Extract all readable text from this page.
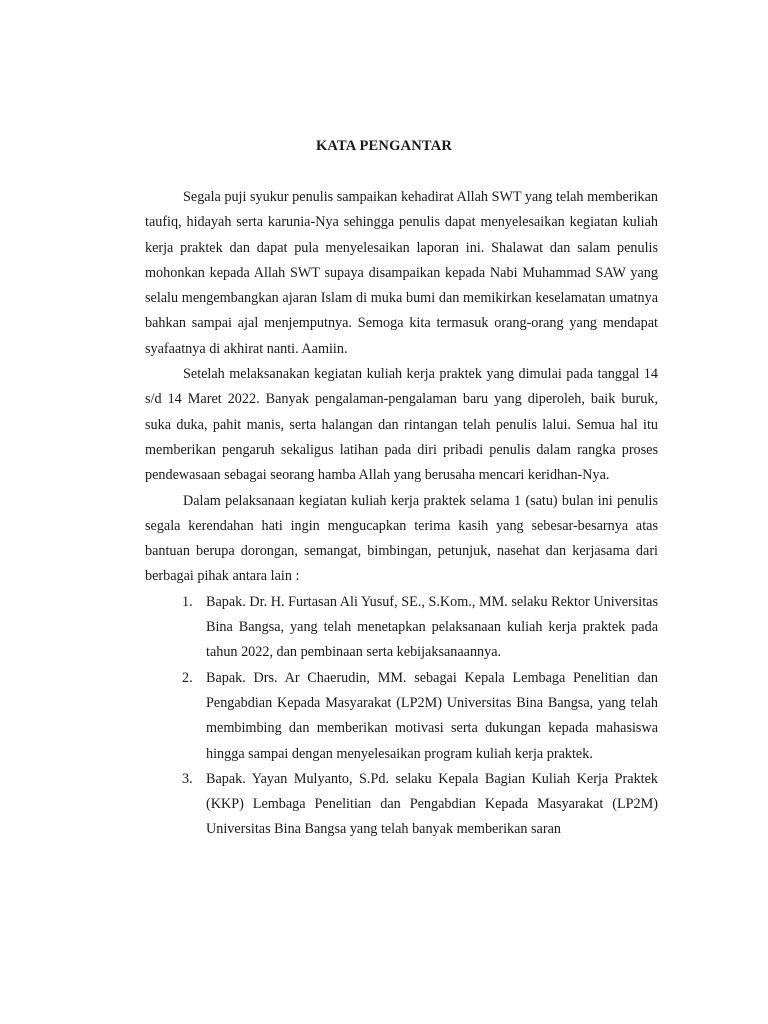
KATA PENGANTAR

Segala puji syukur penulis sampaikan kehadirat Allah SWT yang telah memberikan taufiq, hidayah serta karunia-Nya sehingga penulis dapat menyelesaikan kegiatan kuliah kerja praktek dan dapat pula menyelesaikan laporan ini. Shalawat dan salam penulis mohonkan kepada Allah SWT supaya disampaikan kepada Nabi Muhammad SAW yang selalu mengembangkan ajaran Islam di muka bumi dan memikirkan keselamatan umatnya bahkan sampai ajal menjemputnya. Semoga kita termasuk orang-orang yang mendapat syafaatnya di akhirat nanti. Aamiin.

Setelah melaksanakan kegiatan kuliah kerja praktek yang dimulai pada tanggal 14 s/d 14 Maret 2022. Banyak pengalaman-pengalaman baru yang diperoleh, baik buruk, suka duka, pahit manis, serta halangan dan rintangan telah penulis lalui. Semua hal itu memberikan pengaruh sekaligus latihan pada diri pribadi penulis dalam rangka proses pendewasaan sebagai seorang hamba Allah yang berusaha mencari keridhan-Nya.

Dalam pelaksanaan kegiatan kuliah kerja praktek selama 1 (satu) bulan ini penulis segala kerendahan hati ingin mengucapkan terima kasih yang sebesar-besarnya atas bantuan berupa dorongan, semangat, bimbingan, petunjuk, nasehat dan kerjasama dari berbagai pihak antara lain :

1. Bapak. Dr. H. Furtasan Ali Yusuf, SE., S.Kom., MM. selaku Rektor Universitas Bina Bangsa, yang telah menetapkan pelaksanaan kuliah kerja praktek pada tahun 2022, dan pembinaan serta kebijaksanaannya.
2. Bapak. Drs. Ar Chaerudin, MM. sebagai Kepala Lembaga Penelitian dan Pengabdian Kepada Masyarakat (LP2M) Universitas Bina Bangsa, yang telah membimbing dan memberikan motivasi serta dukungan kepada mahasiswa hingga sampai dengan menyelesaikan program kuliah kerja praktek.
3. Bapak. Yayan Mulyanto, S.Pd. selaku Kepala Bagian Kuliah Kerja Praktek (KKP) Lembaga Penelitian dan Pengabdian Kepada Masyarakat (LP2M) Universitas Bina Bangsa yang telah banyak memberikan saran
